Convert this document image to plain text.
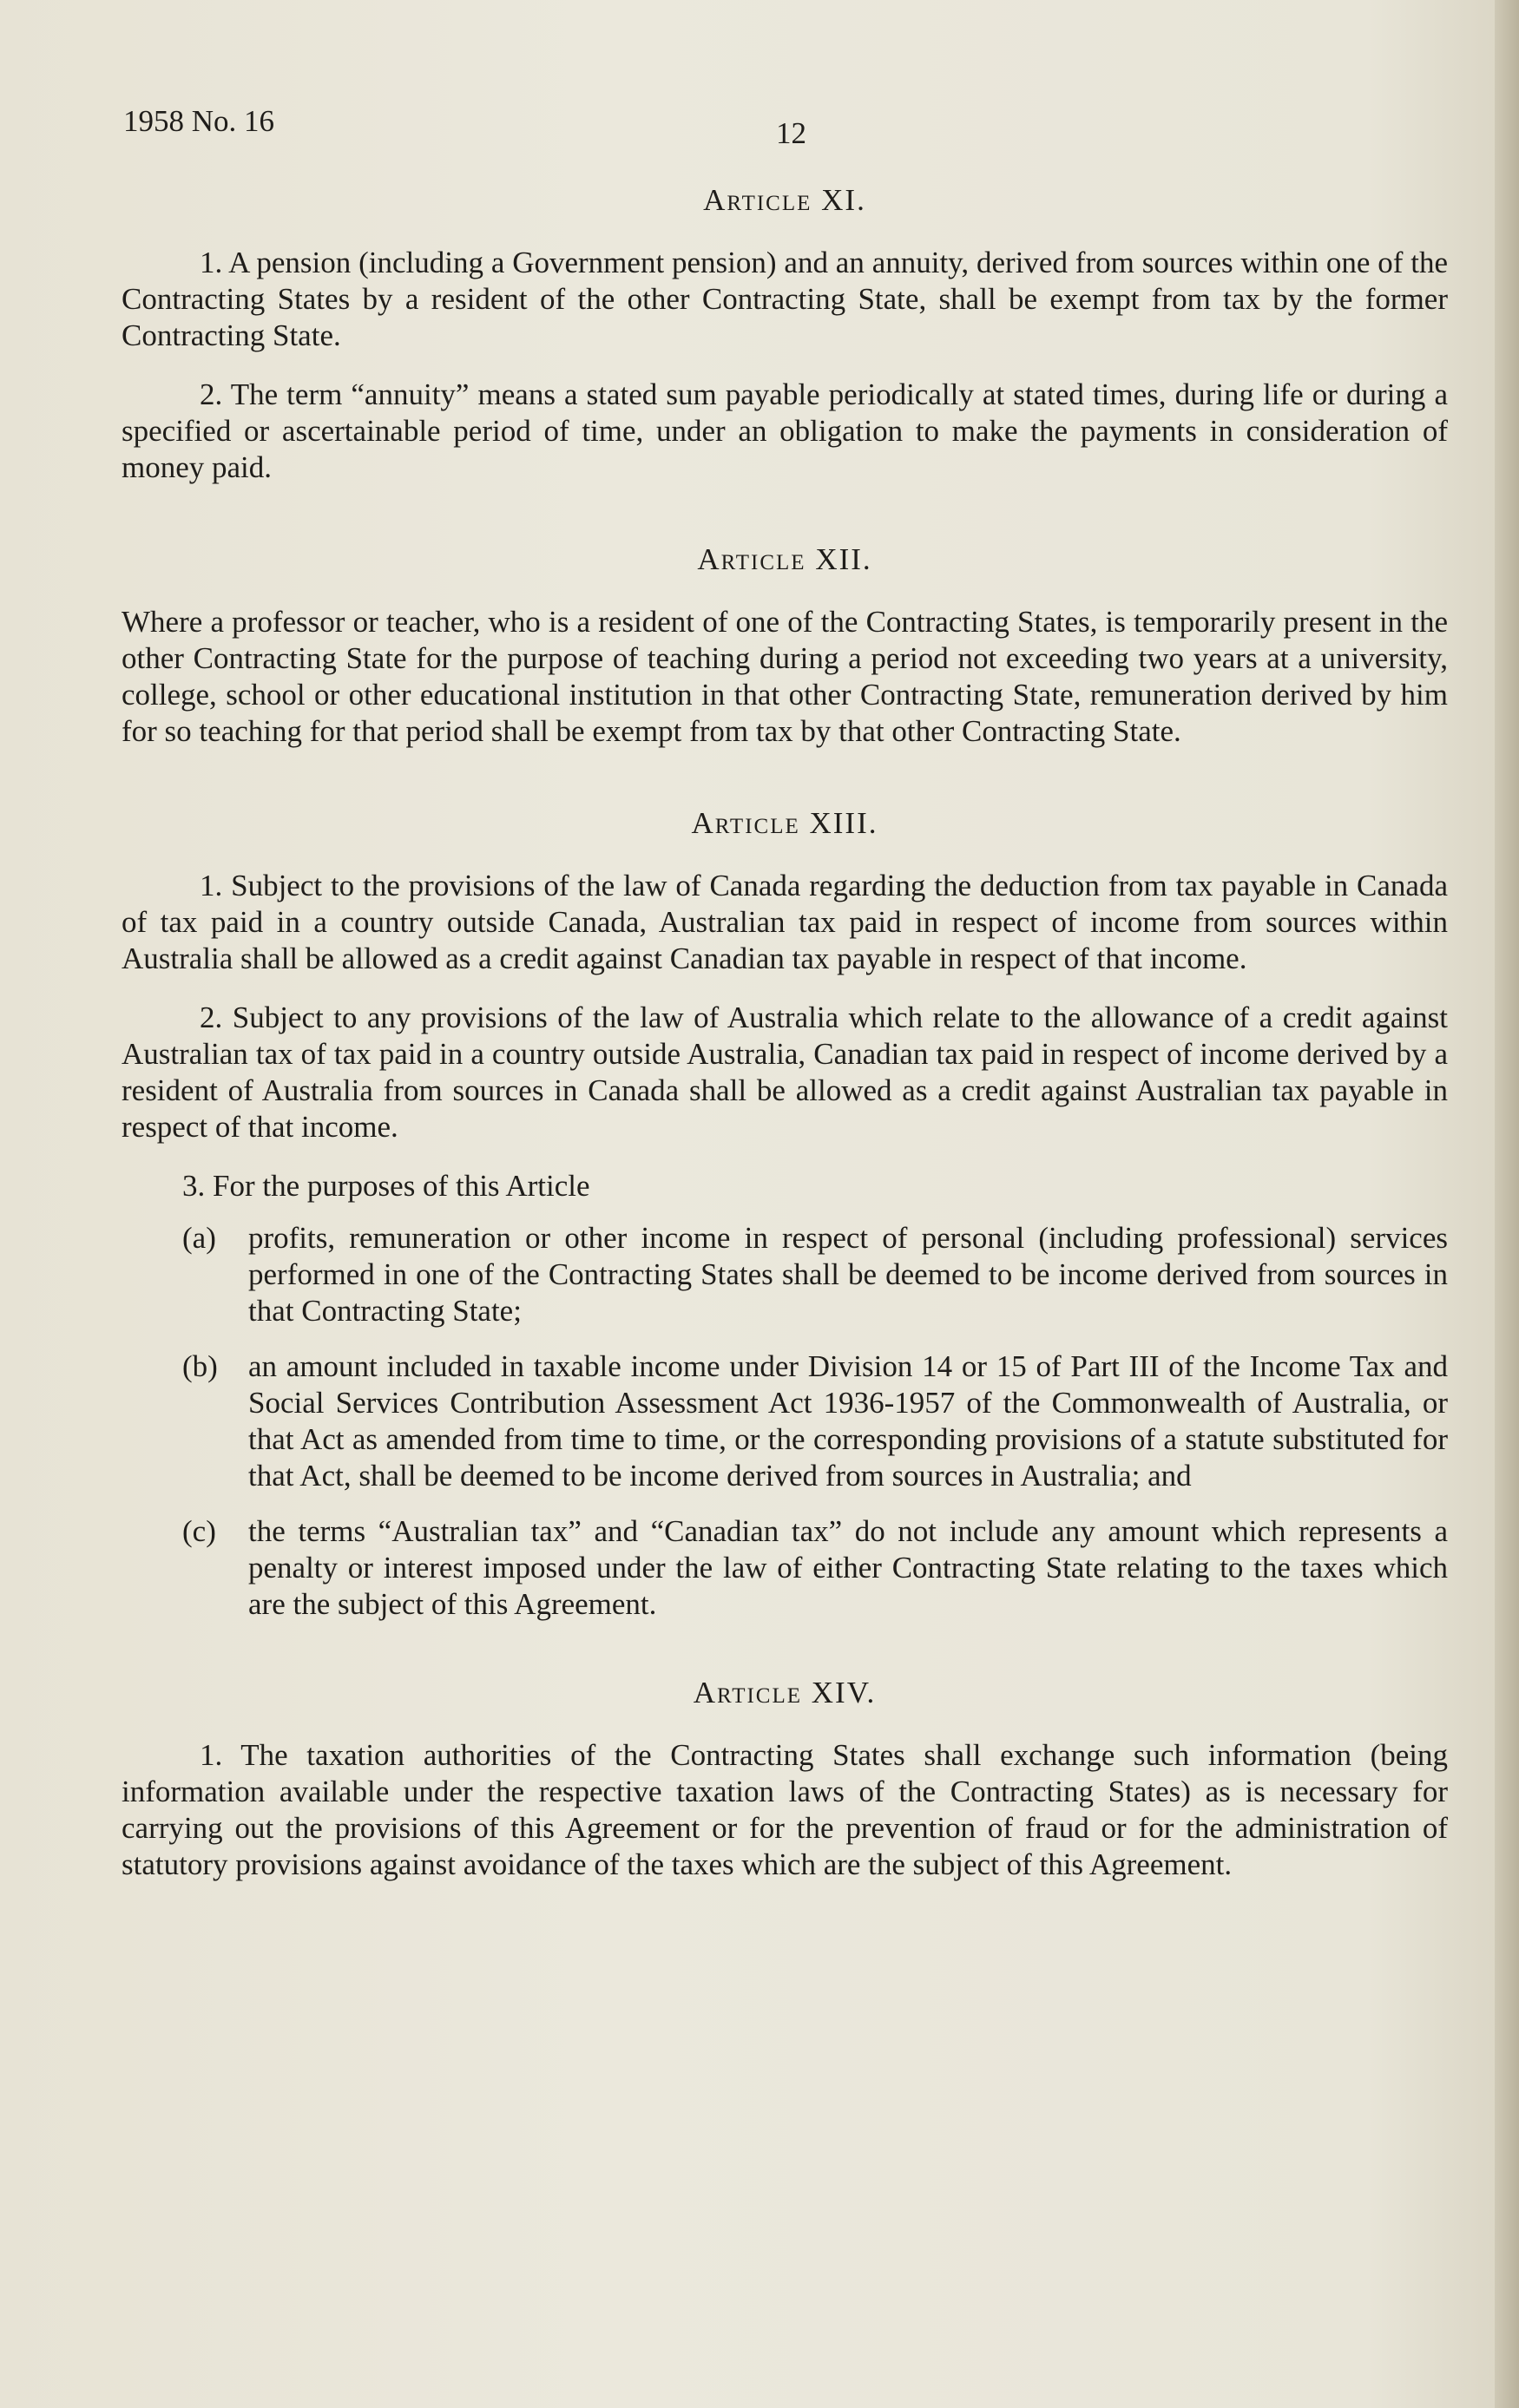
1958 No. 16	12
Article XI.

1. A pension (including a Government pension) and an annuity, derived from sources within one of the Contracting States by a resident of the other Contracting State, shall be exempt from tax by the former Contracting State.

2. The term “annuity” means a stated sum payable periodically at stated times, during life or during a specified or ascertainable period of time, under an obligation to make the payments in consideration of money paid.

Article XII.

Where a professor or teacher, who is a resident of one of the Contracting States, is temporarily present in the other Contracting State for the purpose of teaching during a period not exceeding two years at a university, college, school or other educational institution in that other Contracting State, remuneration derived by him for so teaching for that period shall be exempt from tax by that other Contracting State.

Article XIII.

1. Subject to the provisions of the law of Canada regarding the deduction from tax payable in Canada of tax paid in a country outside Canada, Australian tax paid in respect of income from sources within Australia shall be allowed as a credit against Canadian tax payable in respect of that income.

2. Subject to any provisions of the law of Australia which relate to the allowance of a credit against Australian tax of tax paid in a country outside Australia, Canadian tax paid in respect of income derived by a resident of Australia from sources in Canada shall be allowed as a credit against Australian tax payable in respect of that income.

3. For the purposes of this Article

(a) profits, remuneration or other income in respect of personal (including professional) services performed in one of the Contracting States shall be deemed to be income derived from sources in that Contracting State;
(b) an amount included in taxable income under Division 14 or 15 of Part III of the Income Tax and Social Services Contribution Assessment Act 1936-1957 of the Commonwealth of Australia, or that Act as amended from time to time, or the corresponding provisions of a statute substituted for that Act, shall be deemed to be income derived from sources in Australia; and
(c) the terms “Australian tax” and “Canadian tax” do not include any amount which represents a penalty or interest imposed under the law of either Contracting State relating to the taxes which are the subject of this Agreement.
Article XIV.

1. The taxation authorities of the Contracting States shall exchange such information (being information available under the respective taxation laws of the Contracting States) as is necessary for carrying out the provisions of this Agreement or for the prevention of fraud or for the administration of statutory provisions against avoidance of the taxes which are the subject of this Agreement.
